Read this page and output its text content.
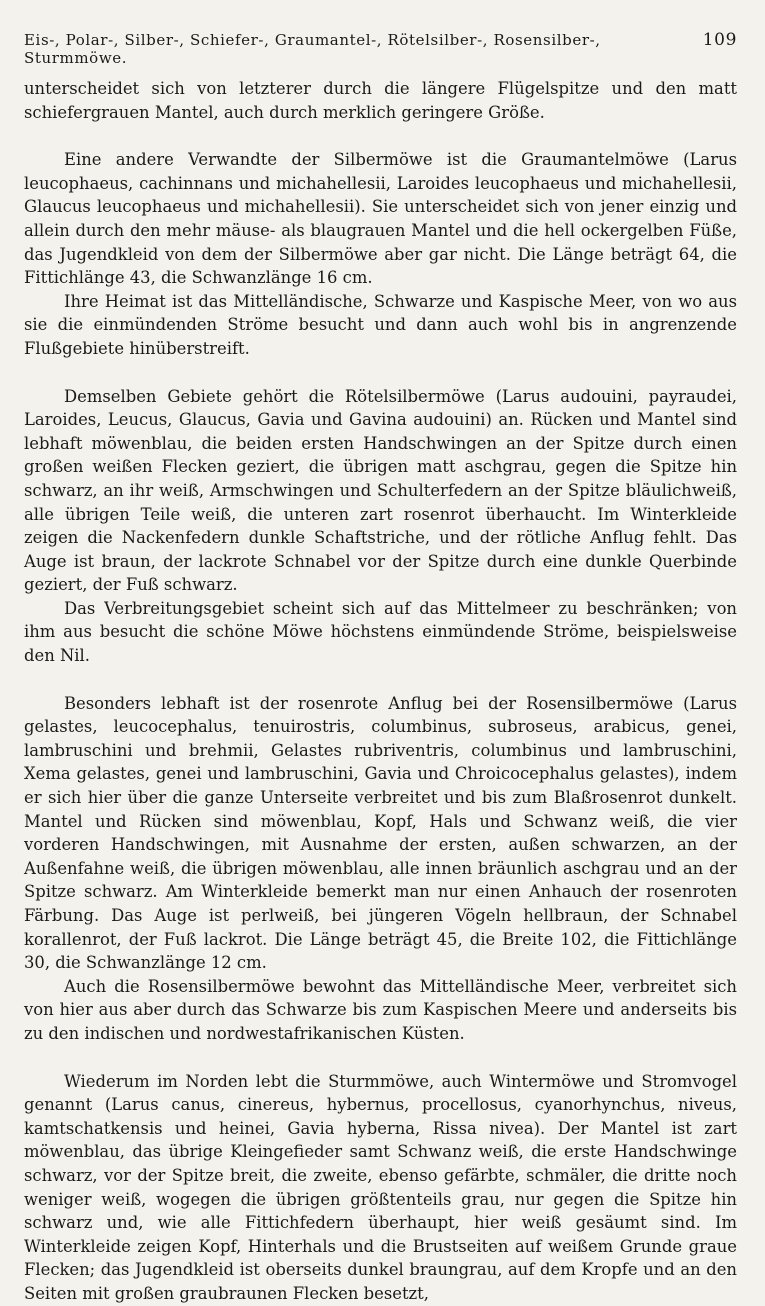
Eis-, Polar-, Silber-, Schiefer-, Graumantel-, Rötelsilber-, Rosensilber-, Sturmmöwe.
109

unterscheidet sich von letzterer durch die längere Flügelspitze und den matt schiefergrauen Mantel, auch durch merklich geringere Größe.

Eine andere Verwandte der Silbermöwe ist die Graumantelmöwe (Larus leucophaeus, cachinnans und michahellesii, Laroides leucophaeus und michahellesii, Glaucus leucophaeus und michahellesii). Sie unterscheidet sich von jener einzig und allein durch den mehr mäuse- als blaugrauen Mantel und die hell ockergelben Füße, das Jugendkleid von dem der Silbermöwe aber gar nicht. Die Länge beträgt 64, die Fittichlänge 43, die Schwanzlänge 16 cm.

Ihre Heimat ist das Mittelländische, Schwarze und Kaspische Meer, von wo aus sie die einmündenden Ströme besucht und dann auch wohl bis in angrenzende Flußgebiete hinüberstreift.

Demselben Gebiete gehört die Rötelsilbermöwe (Larus audouini, payraudei, Laroides, Leucus, Glaucus, Gavia und Gavina audouini) an. Rücken und Mantel sind lebhaft möwenblau, die beiden ersten Handschwingen an der Spitze durch einen großen weißen Flecken geziert, die übrigen matt aschgrau, gegen die Spitze hin schwarz, an ihr weiß, Armschwingen und Schulterfedern an der Spitze bläulichweiß, alle übrigen Teile weiß, die unteren zart rosenrot überhaucht. Im Winterkleide zeigen die Nackenfedern dunkle Schaftstriche, und der rötliche Anflug fehlt. Das Auge ist braun, der lackrote Schnabel vor der Spitze durch eine dunkle Querbinde geziert, der Fuß schwarz.

Das Verbreitungsgebiet scheint sich auf das Mittelmeer zu beschränken; von ihm aus besucht die schöne Möwe höchstens einmündende Ströme, beispielsweise den Nil.

Besonders lebhaft ist der rosenrote Anflug bei der Rosensilbermöwe (Larus gelastes, leucocephalus, tenuirostris, columbinus, subroseus, arabicus, genei, lambruschini und brehmii, Gelastes rubriventris, columbinus und lambruschini, Xema gelastes, genei und lambruschini, Gavia und Chroicocephalus gelastes), indem er sich hier über die ganze Unterseite verbreitet und bis zum Blaßrosenrot dunkelt. Mantel und Rücken sind möwenblau, Kopf, Hals und Schwanz weiß, die vier vorderen Handschwingen, mit Ausnahme der ersten, außen schwarzen, an der Außenfahne weiß, die übrigen möwenblau, alle innen bräunlich aschgrau und an der Spitze schwarz. Am Winterkleide bemerkt man nur einen Anhauch der rosenroten Färbung. Das Auge ist perlweiß, bei jüngeren Vögeln hellbraun, der Schnabel korallenrot, der Fuß lackrot. Die Länge beträgt 45, die Breite 102, die Fittichlänge 30, die Schwanzlänge 12 cm.

Auch die Rosensilbermöwe bewohnt das Mittelländische Meer, verbreitet sich von hier aus aber durch das Schwarze bis zum Kaspischen Meere und anderseits bis zu den indischen und nordwestafrikanischen Küsten.

Wiederum im Norden lebt die Sturmmöwe, auch Wintermöwe und Stromvogel genannt (Larus canus, cinereus, hybernus, procellosus, cyanorhynchus, niveus, kamtschatkensis und heinei, Gavia hyberna, Rissa nivea). Der Mantel ist zart möwenblau, das übrige Kleingefieder samt Schwanz weiß, die erste Handschwinge schwarz, vor der Spitze breit, die zweite, ebenso gefärbte, schmäler, die dritte noch weniger weiß, wogegen die übrigen größtenteils grau, nur gegen die Spitze hin schwarz und, wie alle Fittichfedern überhaupt, hier weiß gesäumt sind. Im Winterkleide zeigen Kopf, Hinterhals und die Brustseiten auf weißem Grunde graue Flecken; das Jugendkleid ist oberseits dunkel braungrau, auf dem Kropfe und an den Seiten mit großen graubraunen Flecken besetzt,
